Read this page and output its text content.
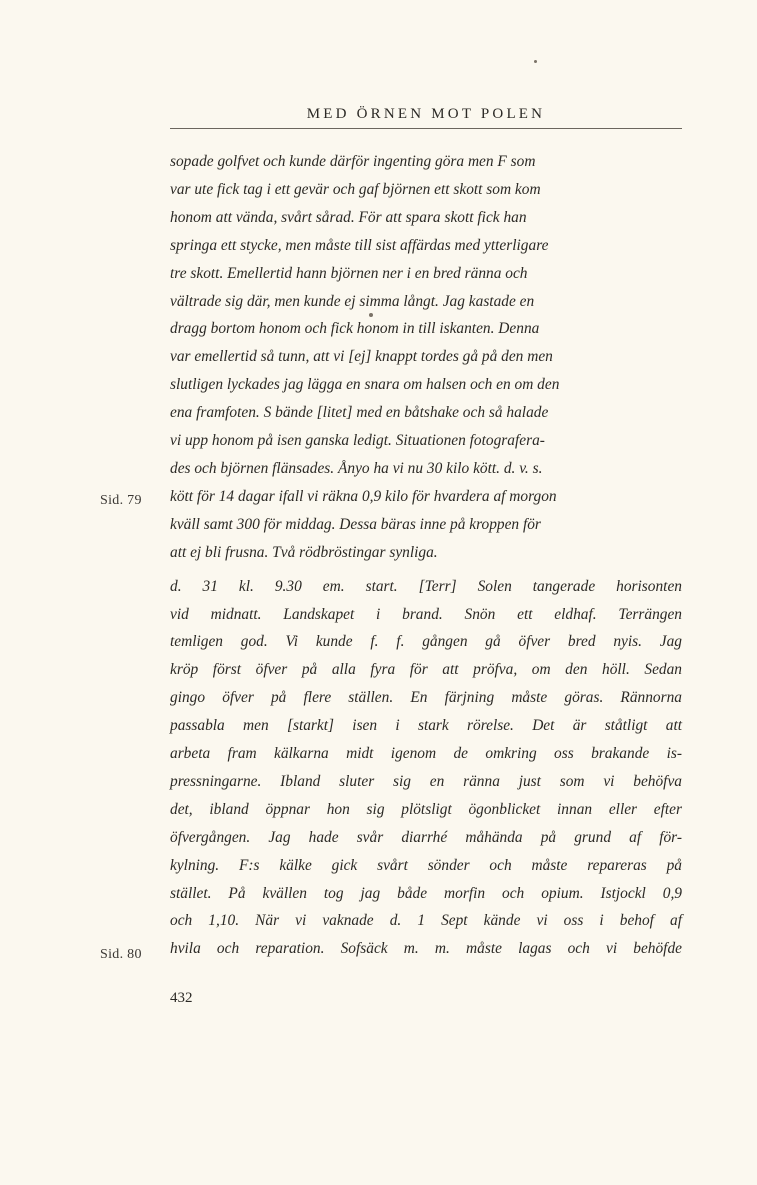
MED ÖRNEN MOT POLEN

sopade golfvet och kunde därför ingenting göra men F som
var ute fick tag i ett gevär och gaf björnen ett skott som kom
honom att vända, svårt sårad. För att spara skott fick han
springa ett stycke, men måste till sist affärdas med ytterligare
tre skott. Emellertid hann björnen ner i en bred ränna och
vältrade sig där, men kunde ej simma långt. Jag kastade en
dragg bortom honom och fick honom in till iskanten. Denna
var emellertid så tunn, att vi [ej] knappt tordes gå på den men
slutligen lyckades jag lägga en snara om halsen och en om den
ena framfoten. S bände [litet] med en båtshake och så halade
vi upp honom på isen ganska ledigt. Situationen fotografera-
des och björnen flänsades. Ånyo ha vi nu 30 kilo kött. d. v. s.
kött för 14 dagar ifall vi räkna 0,9 kilo för hvardera af morgon
kväll samt 300 för middag. Dessa bäras inne på kroppen för
att ej bli frusna. Två rödbröstingar synliga.

d. 31 kl. 9.30 em. start. [Terr] Solen tangerade horisonten
vid midnatt. Landskapet i brand. Snön ett eldhaf. Terrängen
temligen god. Vi kunde f. f. gången gå öfver bred nyis. Jag
kröp först öfver på alla fyra för att pröfva, om den höll. Sedan
gingo öfver på flere ställen. En färjning måste göras. Rännorna
passabla men [starkt] isen i stark rörelse. Det är ståtligt att
arbeta fram kälkarna midt igenom de omkring oss brakande is-
pressningarne. Ibland sluter sig en ränna just som vi behöfva
det, ibland öppnar hon sig plötsligt ögonblicket innan eller efter
öfvergången. Jag hade svår diarrhé måhända på grund af för-
kylning. F:s kälke gick svårt sönder och måste repareras på
stället. På kvällen tog jag både morfin och opium. Istjockl 0,9
och 1,10. När vi vaknade d. 1 Sept kände vi oss i behof af
hvila och reparation. Sofsäck m. m. måste lagas och vi behöfde

Sid. 79
Sid. 80
432
